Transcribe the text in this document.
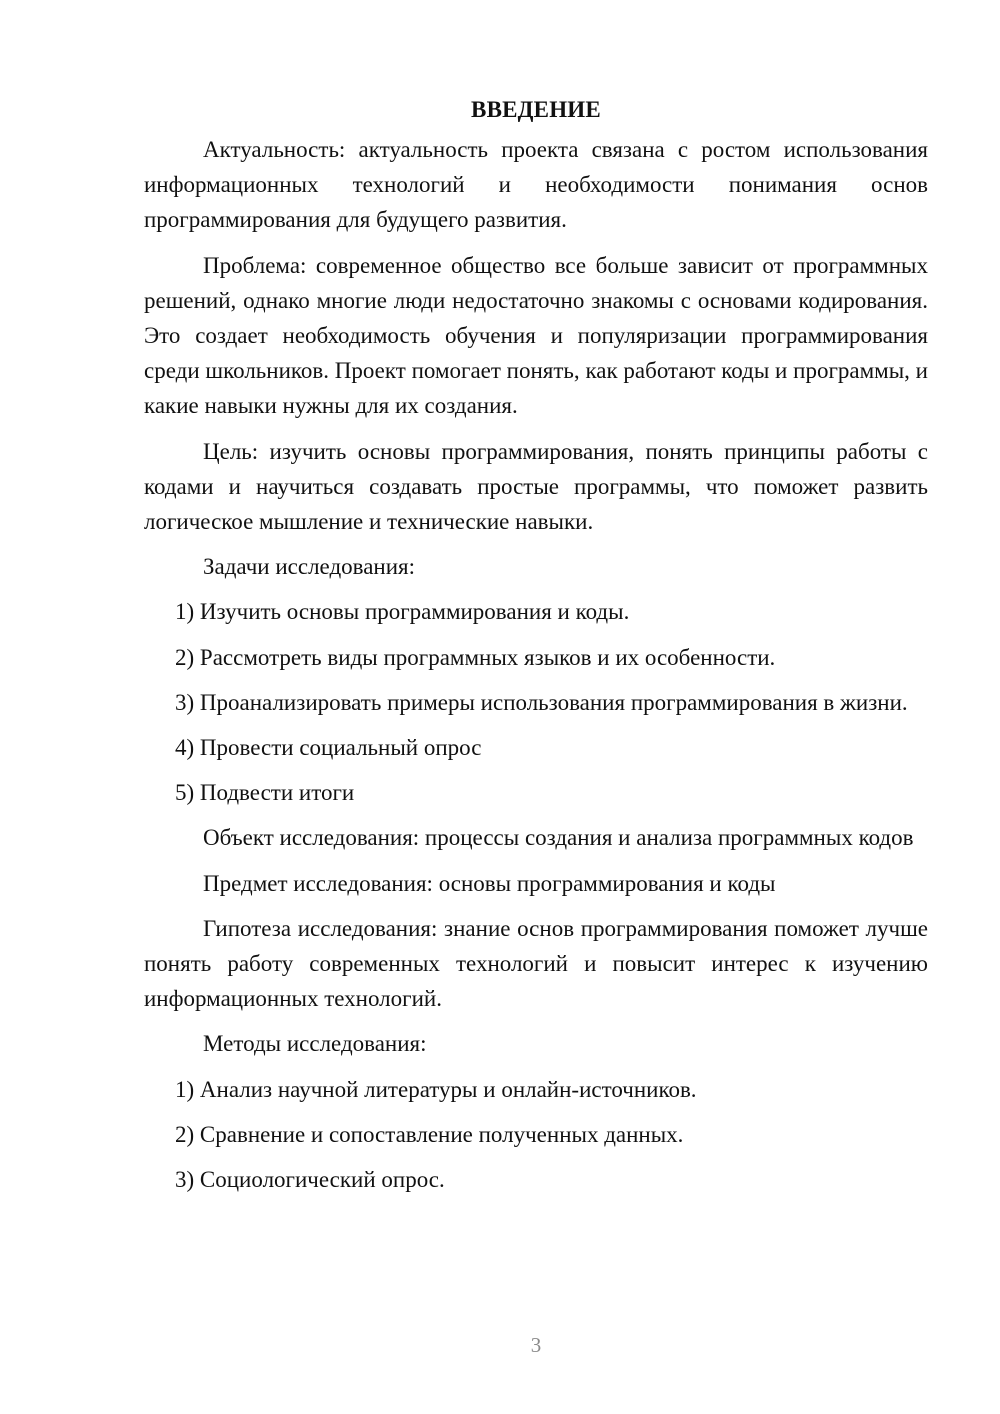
ВВЕДЕНИЕ

Актуальность: актуальность проекта связана с ростом использования информационных технологий и необходимости понимания основ программирования для будущего развития.

Проблема: современное общество все больше зависит от программных решений, однако многие люди недостаточно знакомы с основами кодирования. Это создает необходимость обучения и популяризации программирования среди школьников. Проект помогает понять, как работают коды и программы, и какие навыки нужны для их создания.

Цель: изучить основы программирования, понять принципы работы с кодами и научиться создавать простые программы, что поможет развить логическое мышление и технические навыки.

Задачи исследования:

1) Изучить основы программирования и коды.

2) Рассмотреть виды программных языков и их особенности.

3) Проанализировать примеры использования программирования в жизни.

4) Провести социальный опрос

5) Подвести итоги

Объект исследования: процессы создания и анализа программных кодов

Предмет исследования: основы программирования и коды

Гипотеза исследования: знание основ программирования поможет лучше понять работу современных технологий и повысит интерес к изучению информационных технологий.

Методы исследования:

1) Анализ научной литературы и онлайн-источников.

2) Сравнение и сопоставление полученных данных.

3) Социологический опрос.

3
